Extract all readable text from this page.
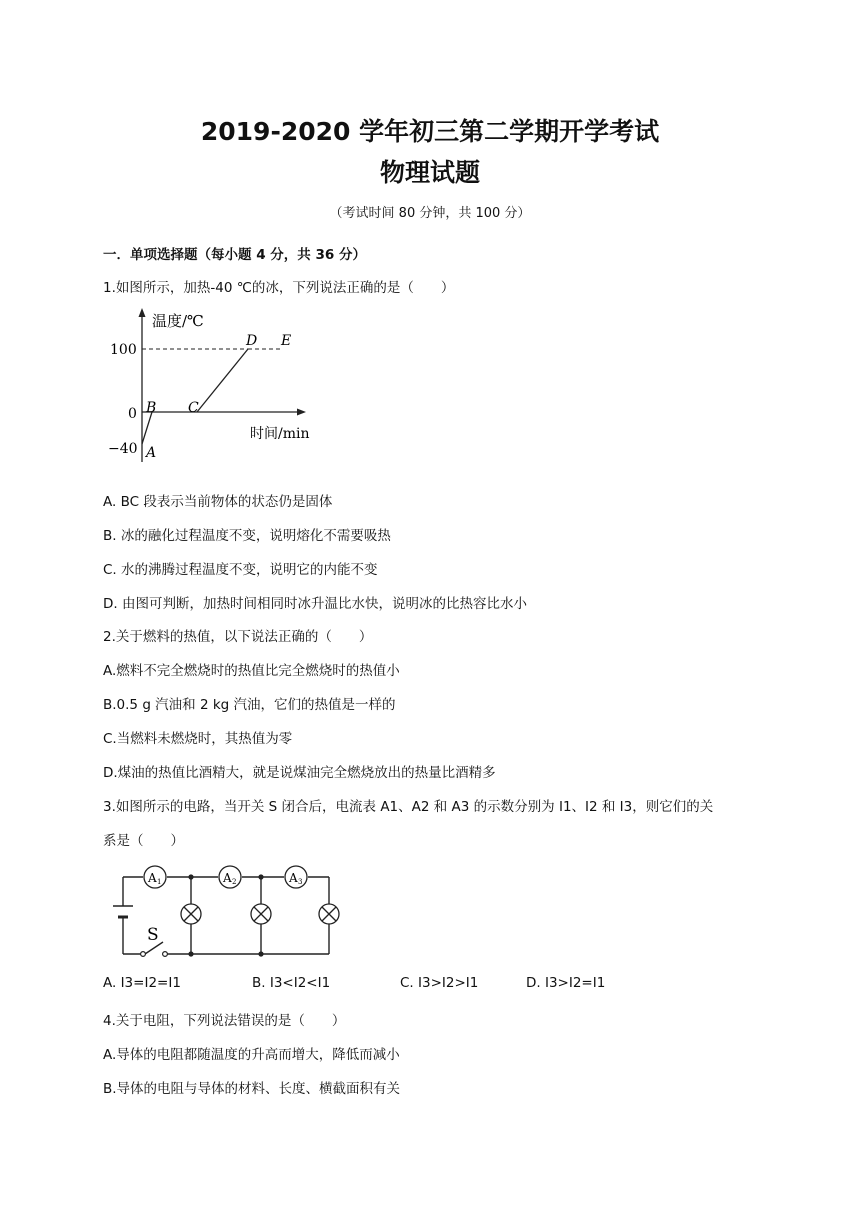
2019-2020 学年初三第二学期开学考试
物理试题
（考试时间 80 分钟，共 100 分）
一．单项选择题（每小题 4 分，共 36 分）
1.如图所示，加热-40 ℃的冰，下列说法正确的是（　　）
温度/℃
时间/min
100
0
−40 A
B C
D E
A. BC 段表示当前物体的状态仍是固体
B. 冰的融化过程温度不变，说明熔化不需要吸热
C. 水的沸腾过程温度不变，说明它的内能不变
D. 由图可判断，加热时间相同时冰升温比水快，说明冰的比热容比水小
2.关于燃料的热值，以下说法正确的（　　）
A.燃料不完全燃烧时的热值比完全燃烧时的热值小
B.0.5 g 汽油和 2 kg 汽油，它们的热值是一样的
C.当燃料未燃烧时，其热值为零
D.煤油的热值比酒精大，就是说煤油完全燃烧放出的热量比酒精多
3.如图所示的电路，当开关 S 闭合后，电流表 A1、A2 和 A3 的示数分别为 I1、I2 和 I3，则它们的关
系是（　　）
S
A 1	A 2	A 3
A. I3=I2=I1	B. I3<I2<I1	C. I3>I2>I1	D. I3>I2=I1
4.关于电阻，下列说法错误的是（　　）
A.导体的电阻都随温度的升高而增大，降低而减小
B.导体的电阻与导体的材料、长度、横截面积有关
